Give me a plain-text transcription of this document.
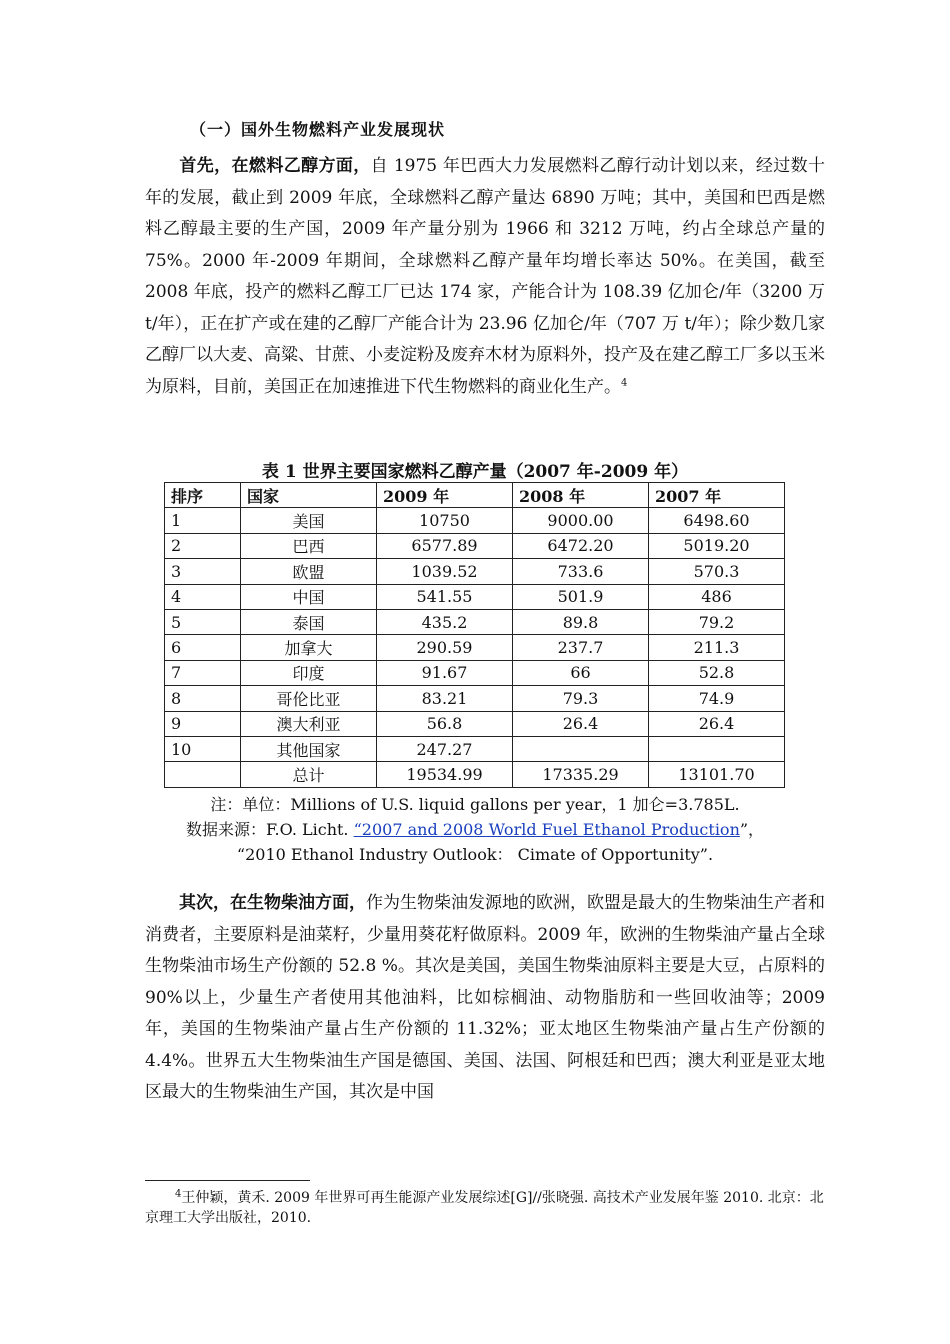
（一）国外生物燃料产业发展现状
首先，在燃料乙醇方面，自 1975 年巴西大力发展燃料乙醇行动计划以来，经过数十年的发展，截止到 2009 年底，全球燃料乙醇产量达 6890 万吨；其中，美国和巴西是燃料乙醇最主要的生产国，2009 年产量分别为 1966 和 3212 万吨，约占全球总产量的 75%。2000 年-2009 年期间，全球燃料乙醇产量年均增长率达 50%。在美国，截至 2008 年底，投产的燃料乙醇工厂已达 174 家，产能合计为 108.39 亿加仑/年（3200 万 t/年），正在扩产或在建的乙醇厂产能合计为 23.96 亿加仑/年（707 万 t/年）；除少数几家乙醇厂以大麦、高粱、甘蔗、小麦淀粉及废弃木材为原料外，投产及在建乙醇工厂多以玉米为原料，目前，美国正在加速推进下代生物燃料的商业化生产。$^4$
表 1 世界主要国家燃料乙醇产量（2007 年-2009 年）
排序	国家	2009 年	2008 年	2007 年
1	美国	10750	9000.00	6498.60
2	巴西	6577.89	6472.20	5019.20
3	欧盟	1039.52	733.6	570.3
4	中国	541.55	501.9	486
5	泰国	435.2	89.8	79.2
6	加拿大	290.59	237.7	211.3
7	印度	91.67	66	52.8
8	哥伦比亚	83.21	79.3	74.9
9	澳大利亚	56.8	26.4	26.4
10	其他国家	247.27		
	总计	19534.99	17335.29	13101.70
注：单位：Millions of U.S. liquid gallons per year，1 加仑=3.785L.
数据来源：F.O. Licht. “2007 and 2008 World Fuel Ethanol Production”，
“2010 Ethanol Industry Outlook： Cimate of Opportunity”.
其次，在生物柴油方面，作为生物柴油发源地的欧洲，欧盟是最大的生物柴油生产者和消费者，主要原料是油菜籽，少量用葵花籽做原料。2009 年，欧洲的生物柴油产量占全球生物柴油市场生产份额的 52.8 %。其次是美国，美国生物柴油原料主要是大豆，占原料的 90%以上，少量生产者使用其他油料，比如棕榈油、动物脂肪和一些回收油等；2009 年，美国的生物柴油产量占生产份额的 11.32%；亚太地区生物柴油产量占生产份额的 4.4%。世界五大生物柴油生产国是德国、美国、法国、阿根廷和巴西；澳大利亚是亚太地区最大的生物柴油生产国，其次是中国
$^4$王仲颖，黄禾. 2009 年世界可再生能源产业发展综述[G]//张晓强. 高技术产业发展年鉴 2010. 北京：北京理工大学出版社，2010.
